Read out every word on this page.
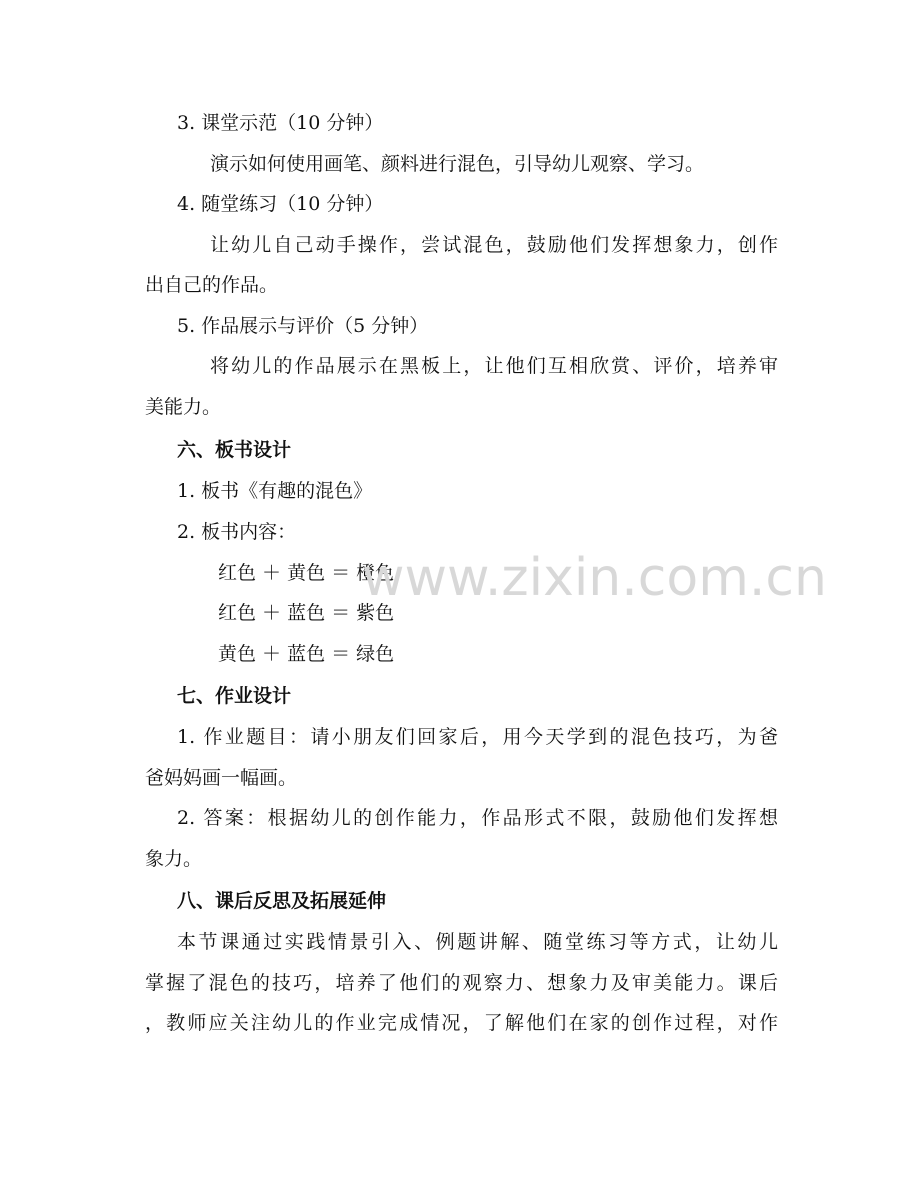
3. 课堂示范（10 分钟）
演示如何使用画笔、颜料进行混色，引导幼儿观察、学习。
4. 随堂练习（10 分钟）
让幼儿自己动手操作，尝试混色，鼓励他们发挥想象力，创作
出自己的作品。
5. 作品展示与评价（5 分钟）
将幼儿的作品展示在黑板上，让他们互相欣赏、评价，培养审
美能力。
六、板书设计
1. 板书《有趣的混色》
2. 板书内容：
红色 ＋ 黄色 ＝ 橙色
红色 ＋ 蓝色 ＝ 紫色
黄色 ＋ 蓝色 ＝ 绿色
七、作业设计
1. 作业题目：请小朋友们回家后，用今天学到的混色技巧，为爸
爸妈妈画一幅画。
2. 答案：根据幼儿的创作能力，作品形式不限，鼓励他们发挥想
象力。
八、课后反思及拓展延伸
本节课通过实践情景引入、例题讲解、随堂练习等方式，让幼儿
掌握了混色的技巧，培养了他们的观察力、想象力及审美能力。课后
，教师应关注幼儿的作业完成情况，了解他们在家的创作过程，对作
www.zixin.com.cn
